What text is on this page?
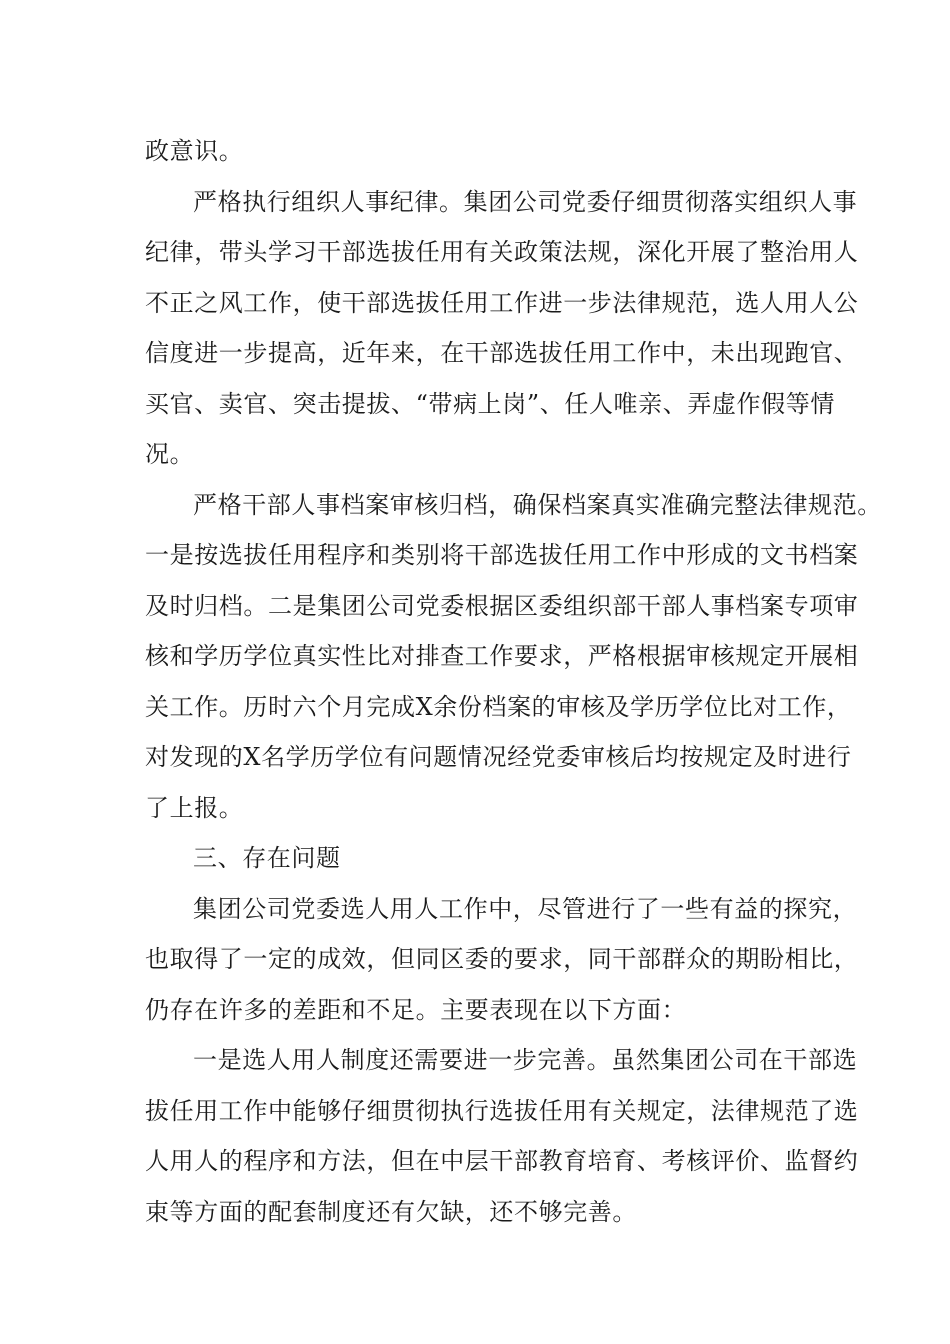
政意识。
严格执行组织人事纪律。集团公司党委仔细贯彻落实组织人事
纪律，带头学习干部选拔任用有关政策法规，深化开展了整治用人
不正之风工作，使干部选拔任用工作进一步法律规范，选人用人公
信度进一步提高，近年来，在干部选拔任用工作中，未出现跑官、
买官、卖官、突击提拔、“带病上岗”、任人唯亲、弄虚作假等情
况。
严格干部人事档案审核归档，确保档案真实准确完整法律规范。
一是按选拔任用程序和类别将干部选拔任用工作中形成的文书档案
及时归档。二是集团公司党委根据区委组织部干部人事档案专项审
核和学历学位真实性比对排查工作要求，严格根据审核规定开展相
关工作。历时六个月完成X余份档案的审核及学历学位比对工作，
对发现的X名学历学位有问题情况经党委审核后均按规定及时进行
了上报。
三、存在问题
集团公司党委选人用人工作中，尽管进行了一些有益的探究，
也取得了一定的成效，但同区委的要求，同干部群众的期盼相比，
仍存在许多的差距和不足。主要表现在以下方面：
一是选人用人制度还需要进一步完善。虽然集团公司在干部选
拔任用工作中能够仔细贯彻执行选拔任用有关规定，法律规范了选
人用人的程序和方法，但在中层干部教育培育、考核评价、监督约
束等方面的配套制度还有欠缺，还不够完善。
